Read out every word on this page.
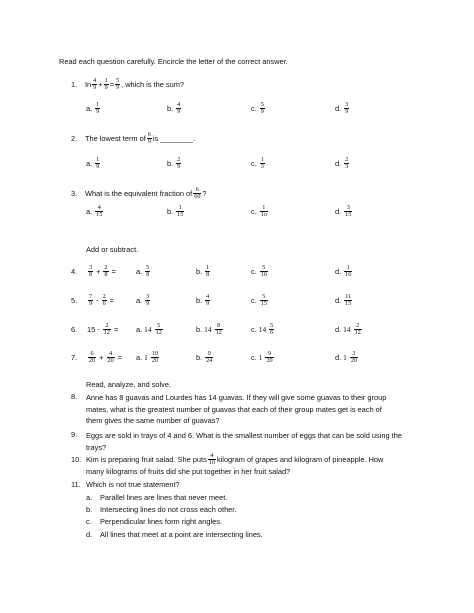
Read each question carefully. Encircle the letter of the correct answer.
1.	In $\frac{4}{9} + \frac{1}{9} = \frac{5}{9}$ , which is the sum?
a. $\frac{1}{9}$	b. $\frac{4}{9}$	c. $\frac{5}{9}$	d. $\frac{3}{9}$
2.	The lowest term of $\frac{6}{9}$ is ________.
a. $\frac{1}{9}$	b. $\frac{2}{9}$	c. $\frac{1}{3}$	d. $\frac{2}{3}$
3.	What is the equivalent fraction of $\frac{6}{60}$ ?
a. $\frac{4}{15}$	b. $\frac{1}{15}$	c. $\frac{1}{1o}$	d. $\frac{3}{15}$
Add or subtract.
4.	$\frac{3}{8} + \frac{2}{8}$ =	a. $\frac{5}{8}$	b. $\frac{1}{8}$	c. $\frac{5}{16}$	d. $\frac{1}{16}$
5.	$\frac{7}{9} - \frac{2}{6}$ =	a. $\frac{3}{9}$	b. $\frac{4}{9}$	c. $\frac{5}{15}$	d. $\frac{11}{15}$
6.	$15 - \frac{2}{12} = a$. $14 \frac{5}{12}$	b. $14 \frac{8}{12}$	c. $14 \frac{5}{6}$	d. $14 \frac{2}{12}$
7.	$\frac{6}{20} + \frac{4}{20} = a$. $1 \frac{10}{20}$	b. $\frac{9}{24}$	c. $1 \frac{9}{20}$	d. $1 \frac{3}{20}$
Read, analyze, and solve.
8. Anne has 8 guavas and Lourdes has 14 guavas. If they will give some guavas to their group
mates, what is the greatest number of guavas that each of their group mates get is each of
them gives the same number of guavas?
9. Eggs are sold in trays of 4 and 6. What is the smallest number of eggs that can be sold using the
trays?
10. Kim is preparing fruit salad. She puts $\frac{4}{10}$ kilogram of grapes and kilogram of pineapple. How
many kilograms of fruits did she put together in her fruit salad?
11. Which is not true statement?
a. Parallel lines are lines that never meet.
b. Intersecting lines do not cross each other.
c. Perpendicular lines form right angles.
d. All lines that meet at a point are intersecting lines.
